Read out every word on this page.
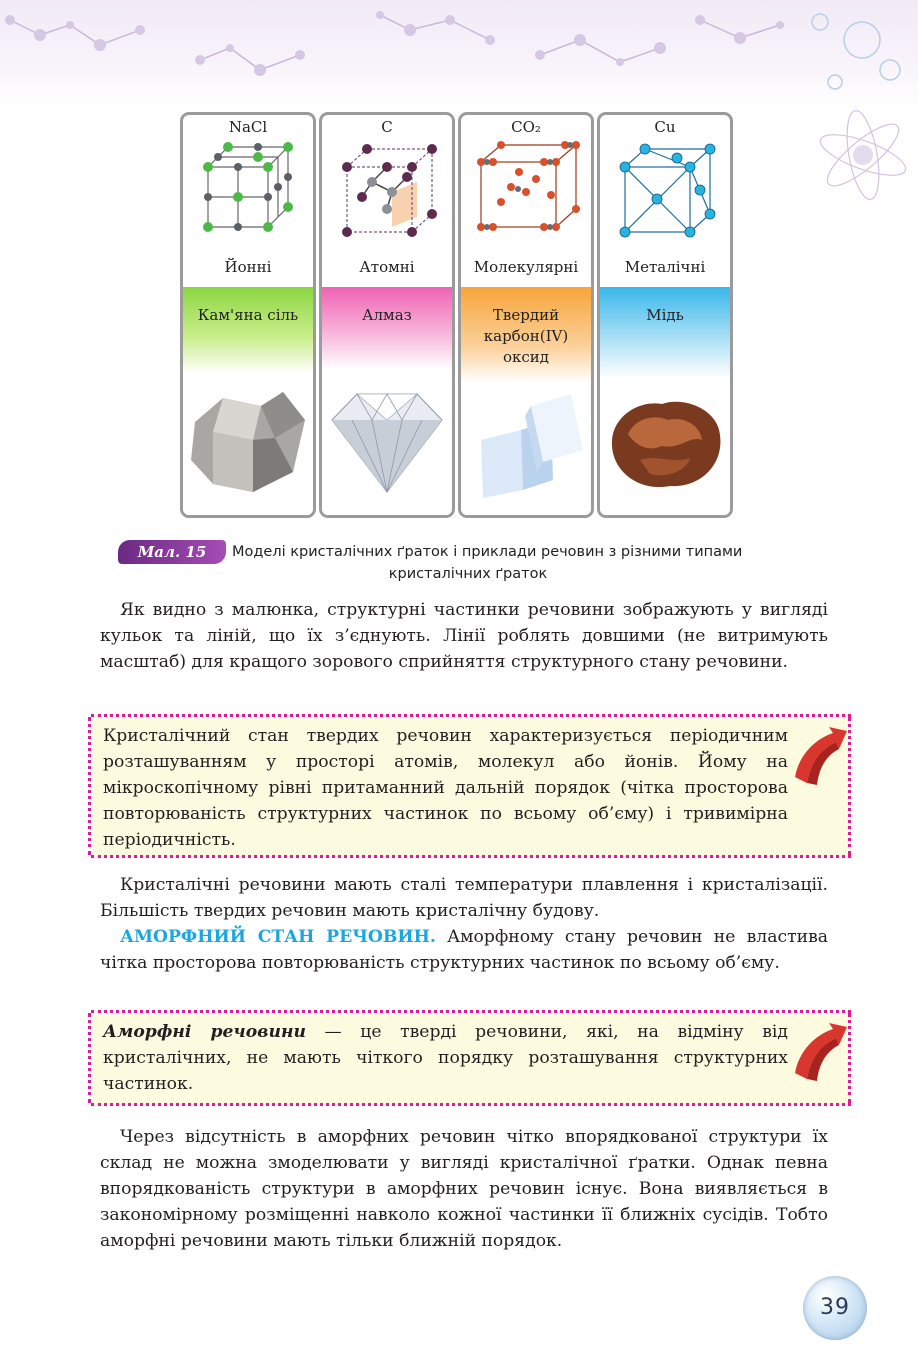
NaCl
Йонні
Кам'яна сіль
C
Атомні
Алмаз
CO₂
Молекулярні
Твердий карбон(IV) оксид
Cu
Металічні
Мідь
Мал. 15 Моделі кристалічних ґраток і приклади речовин з різними типами
кристалічних ґраток

Як видно з малюнка, структурні частинки речовини зображують у вигляді кульок та ліній, що їх з’єднують. Лінії роблять довшими (не витримують масштаб) для кращого зорового сприйняття структурного стану речовини.

Кристалічний стан твердих речовин характеризується періодичним розташуванням у просторі атомів, молекул або йонів. Йому на мікроскопічному рівні притаманний дальній порядок (чітка просторова повторюваність структурних частинок по всьому об’єму) і тривимірна періодичність.

Кристалічні речовини мають сталі температури плавлення і кристалізації. Більшість твердих речовин мають кристалічну будову.

АМОРФНИЙ СТАН РЕЧОВИН. Аморфному стану речовин не властива чітка просторова повторюваність структурних частинок по всьому об’єму.

Аморфні речовини — це тверді речовини, які, на відміну від кристалічних, не мають чіткого порядку розташування структурних частинок.

Через відсутність в аморфних речовин чітко впорядкованої структури їх склад не можна змоделювати у вигляді кристалічної ґратки. Однак певна впорядкованість структури в аморфних речовин існує. Вона виявляється в закономірному розміщенні навколо кожної частинки її ближніх сусідів. Тобто аморфні речовини мають тільки ближній порядок.

39
